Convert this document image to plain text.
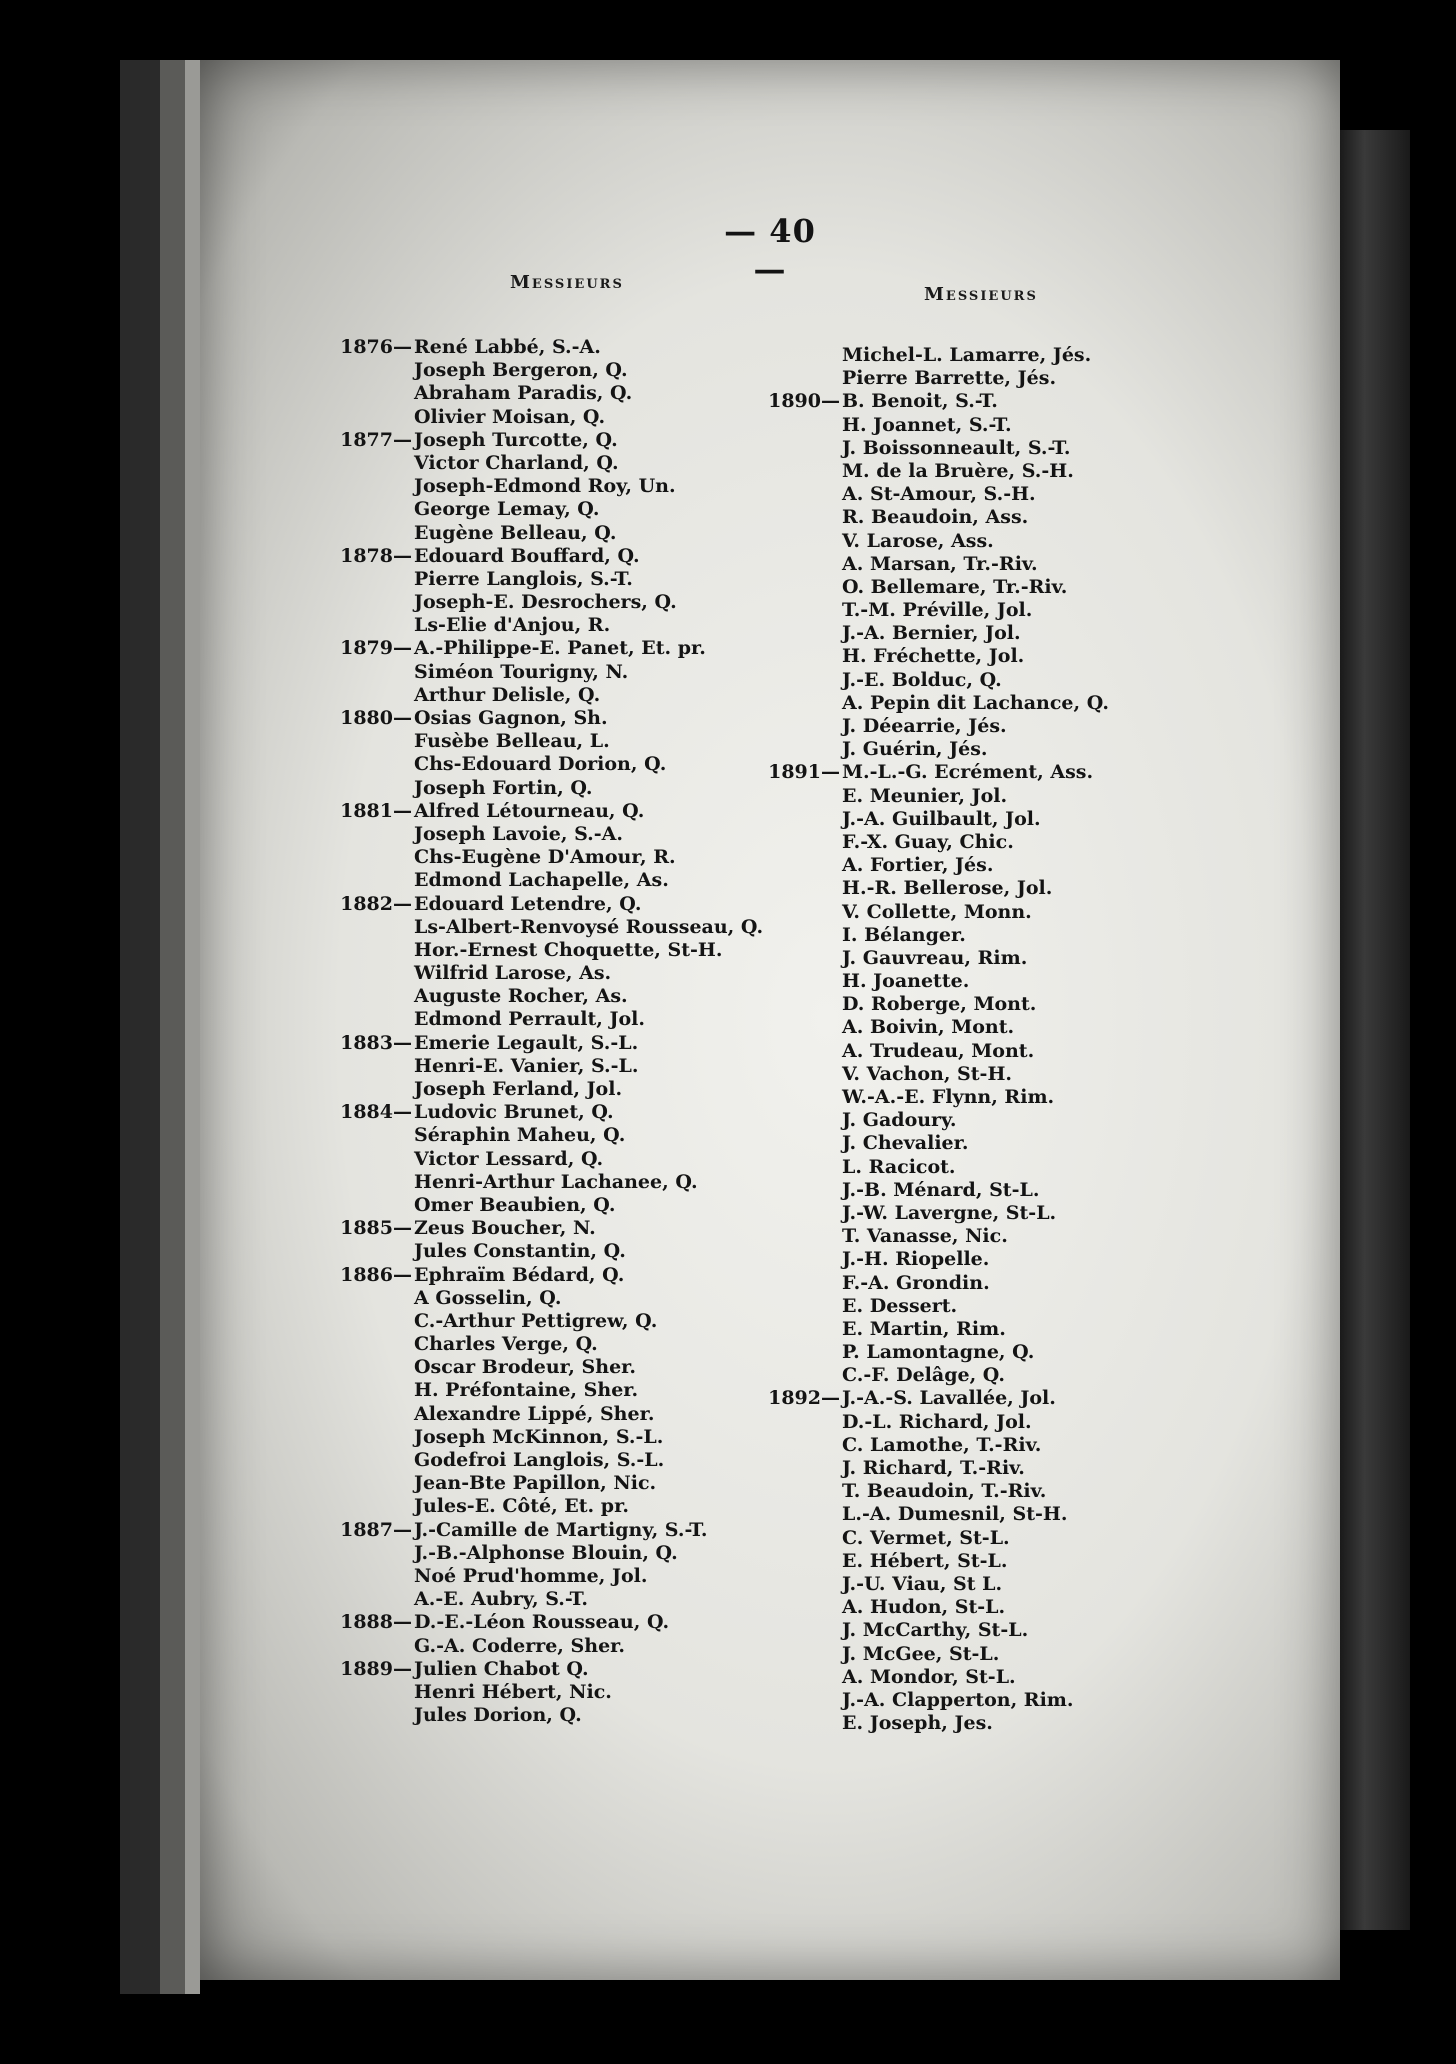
— 40 —
Messieurs
Messieurs
1876— René Labbé, S.-A.
Joseph Bergeron, Q.
Abraham Paradis, Q.
Olivier Moisan, Q.
1877— Joseph Turcotte, Q.
Victor Charland, Q.
Joseph-Edmond Roy, Un.
George Lemay, Q.
Eugène Belleau, Q.
1878— Edouard Bouffard, Q.
Pierre Langlois, S.-T.
Joseph-E. Desrochers, Q.
Ls-Elie d'Anjou, R.
1879— A.-Philippe-E. Panet, Et. pr.
Siméon Tourigny, N.
Arthur Delisle, Q.
1880— Osias Gagnon, Sh.
Fusèbe Belleau, L.
Chs-Edouard Dorion, Q.
Joseph Fortin, Q.
1881— Alfred Létourneau, Q.
Joseph Lavoie, S.-A.
Chs-Eugène D'Amour, R.
Edmond Lachapelle, As.
1882— Edouard Letendre, Q.
Ls-Albert-Renvoysé Rousseau, Q.
Hor.-Ernest Choquette, St-H.
Wilfrid Larose, As.
Auguste Rocher, As.
Edmond Perrault, Jol.
1883— Emerie Legault, S.-L.
Henri-E. Vanier, S.-L.
Joseph Ferland, Jol.
1884— Ludovic Brunet, Q.
Séraphin Maheu, Q.
Victor Lessard, Q.
Henri-Arthur Lachanee, Q.
Omer Beaubien, Q.
1885— Zeus Boucher, N.
Jules Constantin, Q.
1886— Ephraïm Bédard, Q.
A Gosselin, Q.
C.-Arthur Pettigrew, Q.
Charles Verge, Q.
Oscar Brodeur, Sher.
H. Préfontaine, Sher.
Alexandre Lippé, Sher.
Joseph McKinnon, S.-L.
Godefroi Langlois, S.-L.
Jean-Bte Papillon, Nic.
Jules-E. Côté, Et. pr.
1887— J.-Camille de Martigny, S.-T.
J.-B.-Alphonse Blouin, Q.
Noé Prud'homme, Jol.
A.-E. Aubry, S.-T.
1888— D.-E.-Léon Rousseau, Q.
G.-A. Coderre, Sher.
1889— Julien Chabot Q.
Henri Hébert, Nic.
Jules Dorion, Q.
Michel-L. Lamarre, Jés.
Pierre Barrette, Jés.
1890— B. Benoit, S.-T.
H. Joannet, S.-T.
J. Boissonneault, S.-T.
M. de la Bruère, S.-H.
A. St-Amour, S.-H.
R. Beaudoin, Ass.
V. Larose, Ass.
A. Marsan, Tr.-Riv.
O. Bellemare, Tr.-Riv.
T.-M. Préville, Jol.
J.-A. Bernier, Jol.
H. Fréchette, Jol.
J.-E. Bolduc, Q.
A. Pepin dit Lachance, Q.
J. Déearrie, Jés.
J. Guérin, Jés.
1891— M.-L.-G. Ecrément, Ass.
E. Meunier, Jol.
J.-A. Guilbault, Jol.
F.-X. Guay, Chic.
A. Fortier, Jés.
H.-R. Bellerose, Jol.
V. Collette, Monn.
I. Bélanger.
J. Gauvreau, Rim.
H. Joanette.
D. Roberge, Mont.
A. Boivin, Mont.
A. Trudeau, Mont.
V. Vachon, St-H.
W.-A.-E. Flynn, Rim.
J. Gadoury.
J. Chevalier.
L. Racicot.
J.-B. Ménard, St-L.
J.-W. Lavergne, St-L.
T. Vanasse, Nic.
J.-H. Riopelle.
F.-A. Grondin.
E. Dessert.
E. Martin, Rim.
P. Lamontagne, Q.
C.-F. Delâge, Q.
1892— J.-A.-S. Lavallée, Jol.
D.-L. Richard, Jol.
C. Lamothe, T.-Riv.
J. Richard, T.-Riv.
T. Beaudoin, T.-Riv.
L.-A. Dumesnil, St-H.
C. Vermet, St-L.
E. Hébert, St-L.
J.-U. Viau, St L.
A. Hudon, St-L.
J. McCarthy, St-L.
J. McGee, St-L.
A. Mondor, St-L.
J.-A. Clapperton, Rim.
E. Joseph, Jes.
